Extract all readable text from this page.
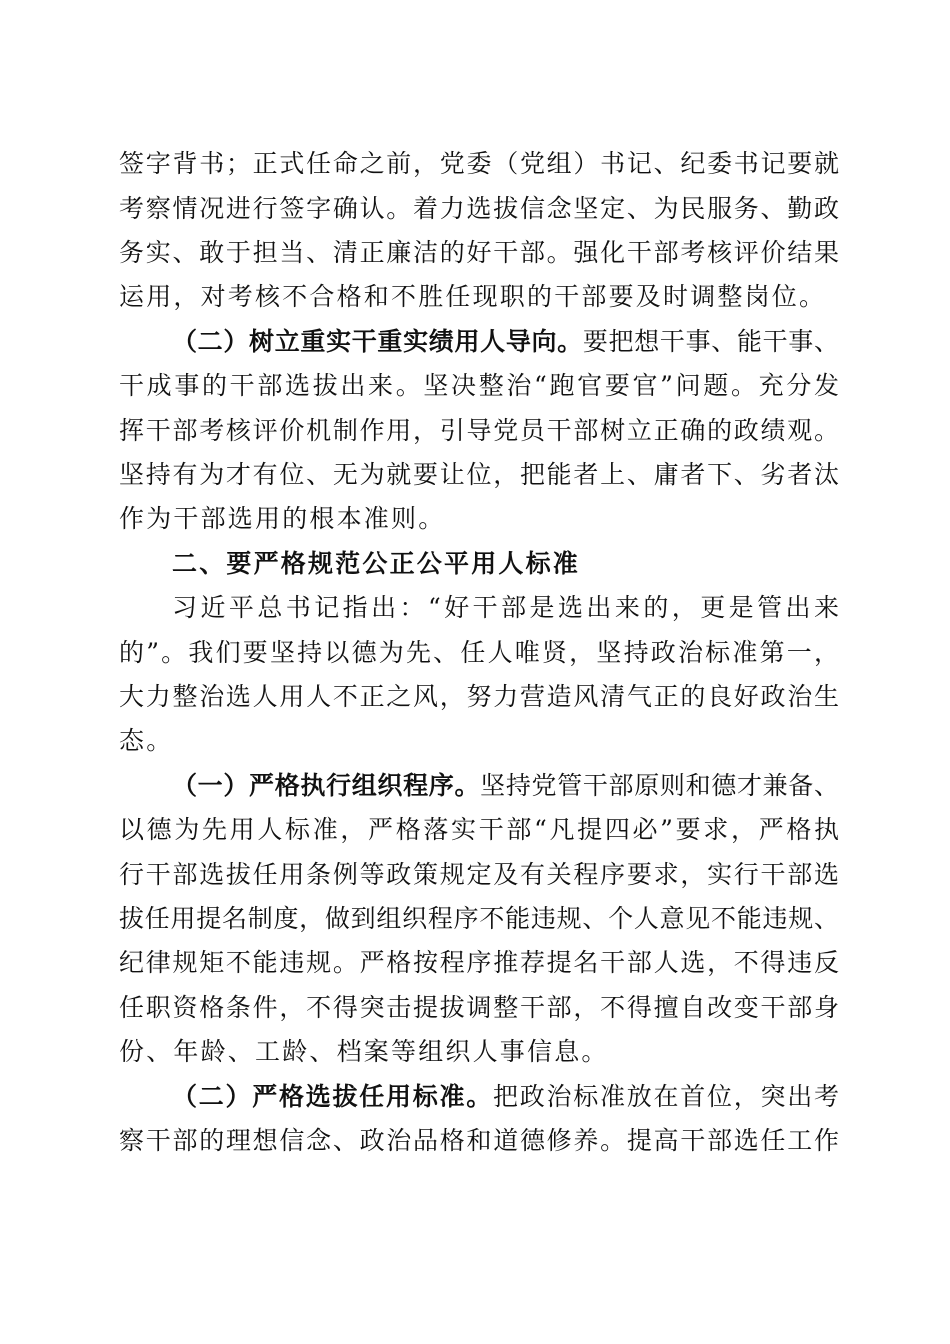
签字背书；正式任命之前，党委（党组）书记、纪委书记要就
考察情况进行签字确认。着力选拔信念坚定、为民服务、勤政
务实、敢于担当、清正廉洁的好干部。强化干部考核评价结果
运用，对考核不合格和不胜任现职的干部要及时调整岗位。
（二）树立重实干重实绩用人导向。要把想干事、能干事、
干成事的干部选拔出来。坚决整治“跑官要官”问题。充分发
挥干部考核评价机制作用，引导党员干部树立正确的政绩观。
坚持有为才有位、无为就要让位，把能者上、庸者下、劣者汰
作为干部选用的根本准则。
二、要严格规范公正公平用人标准
习近平总书记指出：“好干部是选出来的，更是管出来
的”。我们要坚持以德为先、任人唯贤，坚持政治标准第一，
大力整治选人用人不正之风，努力营造风清气正的良好政治生
态。
（一）严格执行组织程序。坚持党管干部原则和德才兼备、
以德为先用人标准，严格落实干部“凡提四必”要求，严格执
行干部选拔任用条例等政策规定及有关程序要求，实行干部选
拔任用提名制度，做到组织程序不能违规、个人意见不能违规、
纪律规矩不能违规。严格按程序推荐提名干部人选，不得违反
任职资格条件，不得突击提拔调整干部，不得擅自改变干部身
份、年龄、工龄、档案等组织人事信息。
（二）严格选拔任用标准。把政治标准放在首位，突出考
察干部的理想信念、政治品格和道德修养。提高干部选任工作
